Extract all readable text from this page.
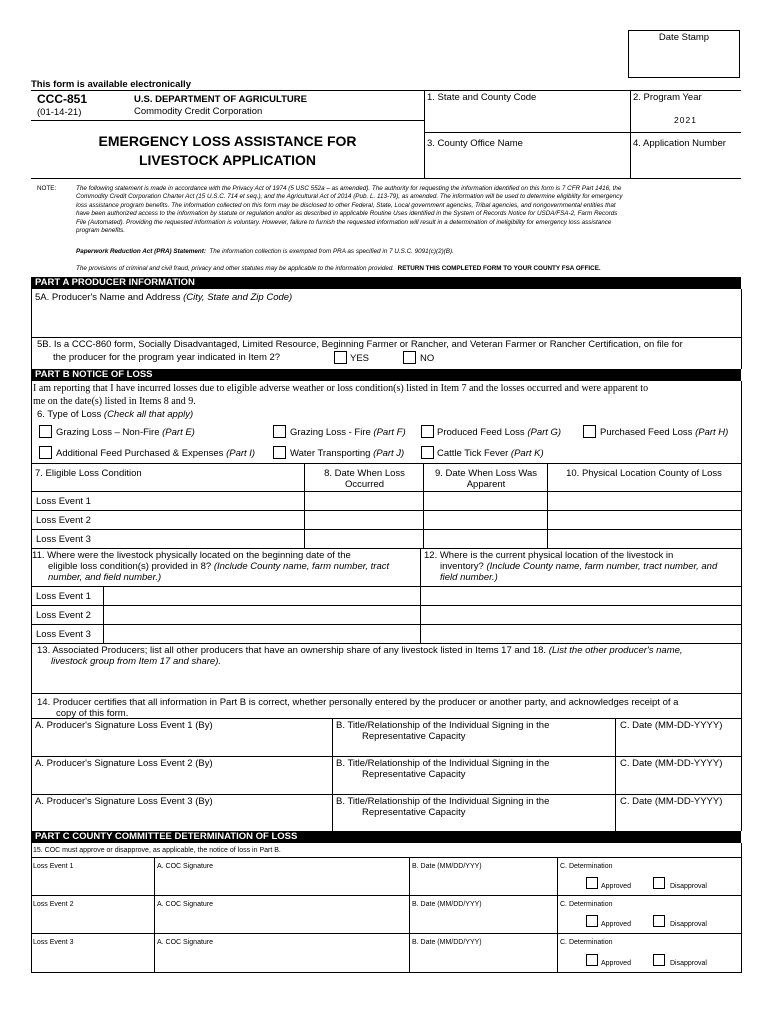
Date Stamp
This form is available electronically
CCC-851
(01-14-21)
U.S. DEPARTMENT OF AGRICULTURE
Commodity Credit Corporation
EMERGENCY LOSS ASSISTANCE FOR
LIVESTOCK APPLICATION
1. State and County Code	2. Program Year
2021
3. County Office Name	4. Application Number
NOTE:	The following statement is made in accordance with the Privacy Act of 1974 (5 USC 552a – as amended). The authority for requesting the information identified on this form is 7 CFR Part 1416, the
Commodity Credit Corporation Charter Act (15 U.S.C. 714 et seq.), and the Agricultural Act of 2014 (Pub. L. 113-79), as amended. The information will be used to determine eligibility for emergency
loss assistance program benefits. The information collected on this form may be disclosed to other Federal, State, Local government agencies, Tribal agencies, and nongovernmental entities that
have been authorized access to the information by statute or regulation and/or as described in applicable Routine Uses identified in the System of Records Notice for USDA/FSA-2, Farm Records
File (Automated). Providing the requested information is voluntary. However, failure to furnish the requested information will result in a determination of ineligibility for emergency loss assistance
program benefits.
Paperwork Reduction Act (PRA) Statement: The information collection is exempted from PRA as specified in 7 U.S.C. 9091(c)(2)(B).
The provisions of criminal and civil fraud, privacy and other statutes may be applicable to the information provided. RETURN THIS COMPLETED FORM TO YOUR COUNTY FSA OFFICE.
PART A PRODUCER INFORMATION
5A. Producer's Name and Address (City, State and Zip Code)
5B. Is a CCC-860 form, Socially Disadvantaged, Limited Resource, Beginning Farmer or Rancher, and Veteran Farmer or Rancher Certification, on file for
the producer for the program year indicated in Item 2?	YES	NO
PART B NOTICE OF LOSS
I am reporting that I have incurred losses due to eligible adverse weather or loss condition(s) listed in Item 7 and the losses occurred and were apparent to
me on the date(s) listed in Items 8 and 9.
6. Type of Loss (Check all that apply)
Grazing Loss – Non-Fire (Part E)	Grazing Loss - Fire (Part F)	Produced Feed Loss (Part G)	Purchased Feed Loss (Part H)
Additional Feed Purchased & Expenses (Part I)	Water Transporting (Part J)	Cattle Tick Fever (Part K)
7. Eligible Loss Condition	8. Date When Loss
Occurred
9. Date When Loss Was
Apparent
10. Physical Location County of Loss
Loss Event 1
Loss Event 2
Loss Event 3
11. Where were the livestock physically located on the beginning date of the
eligible loss condition(s) provided in 8? (Include County name, farm number, tract
number, and field number.)
12. Where is the current physical location of the livestock in
inventory? (Include County name, farm number, tract number, and
field number.)
Loss Event 1
Loss Event 2
Loss Event 3
13. Associated Producers; list all other producers that have an ownership share of any livestock listed in Items 17 and 18. (List the other producer's name,
livestock group from Item 17 and share).
14. Producer certifies that all information in Part B is correct, whether personally entered by the producer or another party, and acknowledges receipt of a
copy of this form.
A. Producer's Signature Loss Event 1 (By)	B. Title/Relationship of the Individual Signing in the
Representative Capacity
C. Date (MM-DD-YYYY)
A. Producer's Signature Loss Event 2 (By)	B. Title/Relationship of the Individual Signing in the
Representative Capacity
C. Date (MM-DD-YYYY)
A. Producer's Signature Loss Event 3 (By)	B. Title/Relationship of the Individual Signing in the
Representative Capacity
C. Date (MM-DD-YYYY)
PART C COUNTY COMMITTEE DETERMINATION OF LOSS
15. COC must approve or disapprove, as applicable, the notice of loss in Part B.
Loss Event 1	A. COC Signature	B. Date (MM/DD/YYY)	C. Determination
Approved	Disapproval
Loss Event 2	A. COC Signature	B. Date (MM/DD/YYY)	C. Determination
Approved	Disapproval
Loss Event 3	A. COC Signature	B. Date (MM/DD/YYY)	C. Determination
Approved	Disapproval
